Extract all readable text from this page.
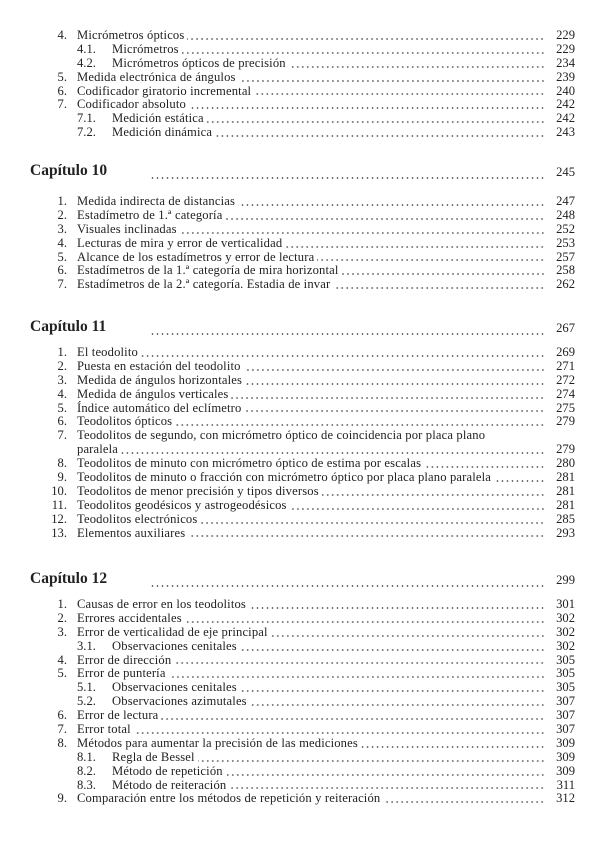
4. Micrómetros ópticos	229
4.1. Micrómetros	229
4.2. Micrómetros ópticos de precisión	234
5. Medida electrónica de ángulos	239
6. Codificador giratorio incremental	240
7. Codificador absoluto	242
7.1. Medición estática	242
7.2. Medición dinámica	243
Capítulo 10	245
1. Medida indirecta de distancias	247
2. Estadímetro de 1.ª categoría	248
3. Visuales inclinadas	252
4. Lecturas de mira y error de verticalidad	253
5. Alcance de los estadímetros y error de lectura	257
6. Estadímetros de la 1.ª categoría de mira horizontal	258
7. Estadímetros de la 2.ª categoría. Estadia de invar	262
Capítulo 11	267
1. El teodolito	269
2. Puesta en estación del teodolito	271
3. Medida de ángulos horizontales	272
4. Medida de ángulos verticales	274
5. Índice automático del eclímetro	275
6. Teodolitos ópticos	279
7. Teodolitos de segundo, con micrómetro óptico de coincidencia por placa plano
paralela	279
8. Teodolitos de minuto con micrómetro óptico de estima por escalas	280
9. Teodolitos de minuto o fracción con micrómetro óptico por placa plano paralela	281
10. Teodolitos de menor precisión y tipos diversos	281
11. Teodolitos geodésicos y astrogeodésicos	281
12. Teodolitos electrónicos	285
13. Elementos auxiliares	293
Capítulo 12	299
1. Causas de error en los teodolitos	301
2. Errores accidentales	302
3. Error de verticalidad de eje principal	302
3.1. Observaciones cenitales	302
4. Error de dirección	305
5. Error de puntería	305
5.1. Observaciones cenitales	305
5.2. Observaciones azimutales	307
6. Error de lectura	307
7. Error total	307
8. Métodos para aumentar la precisión de las mediciones	309
8.1. Regla de Bessel	309
8.2. Método de repetición	309
8.3. Método de reiteración	311
9. Comparación entre los métodos de repetición y reiteración	312
